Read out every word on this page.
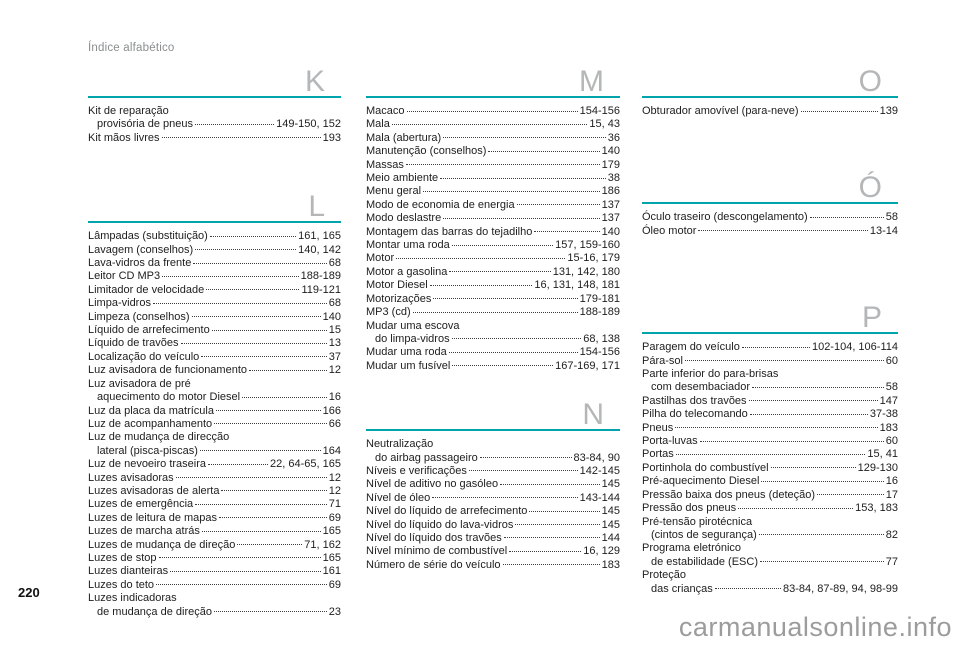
Índice alfabético
K
Kit de reparação
provisória de pneus	149-150, 152
Kit mãos livres	193
L
Lâmpadas (substituição)	161, 165
Lavagem (conselhos)	140, 142
Lava-vidros da frente	68
Leitor CD MP3	188-189
Limitador de velocidade	119-121
Limpa-vidros	68
Limpeza (conselhos)	140
Líquido de arrefecimento	15
Líquido de travões	13
Localização do veículo	37
Luz avisadora de funcionamento	12
Luz avisadora de pré
aquecimento do motor Diesel	16
Luz da placa da matrícula	166
Luz de acompanhamento	66
Luz de mudança de direcção
lateral (pisca-piscas)	164
Luz de nevoeiro traseira	22, 64-65, 165
Luzes avisadoras	12
Luzes avisadoras de alerta	12
Luzes de emergência	71
Luzes de leitura de mapas	69
Luzes de marcha atrás	165
Luzes de mudança de direção	71, 162
Luzes de stop	165
Luzes dianteiras	161
Luzes do teto	69
Luzes indicadoras
de mudança de direção	23
M
Macaco	154-156
Mala	15, 43
Mala (abertura)	36
Manutenção (conselhos)	140
Massas	179
Meio ambiente	38
Menu geral	186
Modo de economia de energia	137
Modo deslastre	137
Montagem das barras do tejadilho	140
Montar uma roda	157, 159-160
Motor	15-16, 179
Motor a gasolina	131, 142, 180
Motor Diesel	16, 131, 148, 181
Motorizações	179-181
MP3 (cd)	188-189
Mudar uma escova
do limpa-vidros	68, 138
Mudar uma roda	154-156
Mudar um fusível	167-169, 171
N
Neutralização
do airbag passageiro	83-84, 90
Níveis e verificações	142-145
Nível de aditivo no gasóleo	145
Nível de óleo	143-144
Nível do líquido de arrefecimento	145
Nível do líquido do lava-vidros	145
Nível do líquido dos travões	144
Nível mínimo de combustível	16, 129
Número de série do veículo	183
O
Obturador amovível (para-neve)	139
Ó
Óculo traseiro (descongelamento)	58
Óleo motor	13-14
P
Paragem do veículo	102-104, 106-114
Pára-sol	60
Parte inferior do para-brisas
com desembaciador	58
Pastilhas dos travões	147
Pilha do telecomando	37-38
Pneus	183
Porta-luvas	60
Portas	15, 41
Portinhola do combustível	129-130
Pré-aquecimento Diesel	16
Pressão baixa dos pneus (deteção)	17
Pressão dos pneus	153, 183
Pré-tensão pirotécnica
(cintos de segurança)	82
Programa eletrónico
de estabilidade (ESC)	77
Proteção
das crianças	83-84, 87-89, 94, 98-99
220
carmanualsonline.info
